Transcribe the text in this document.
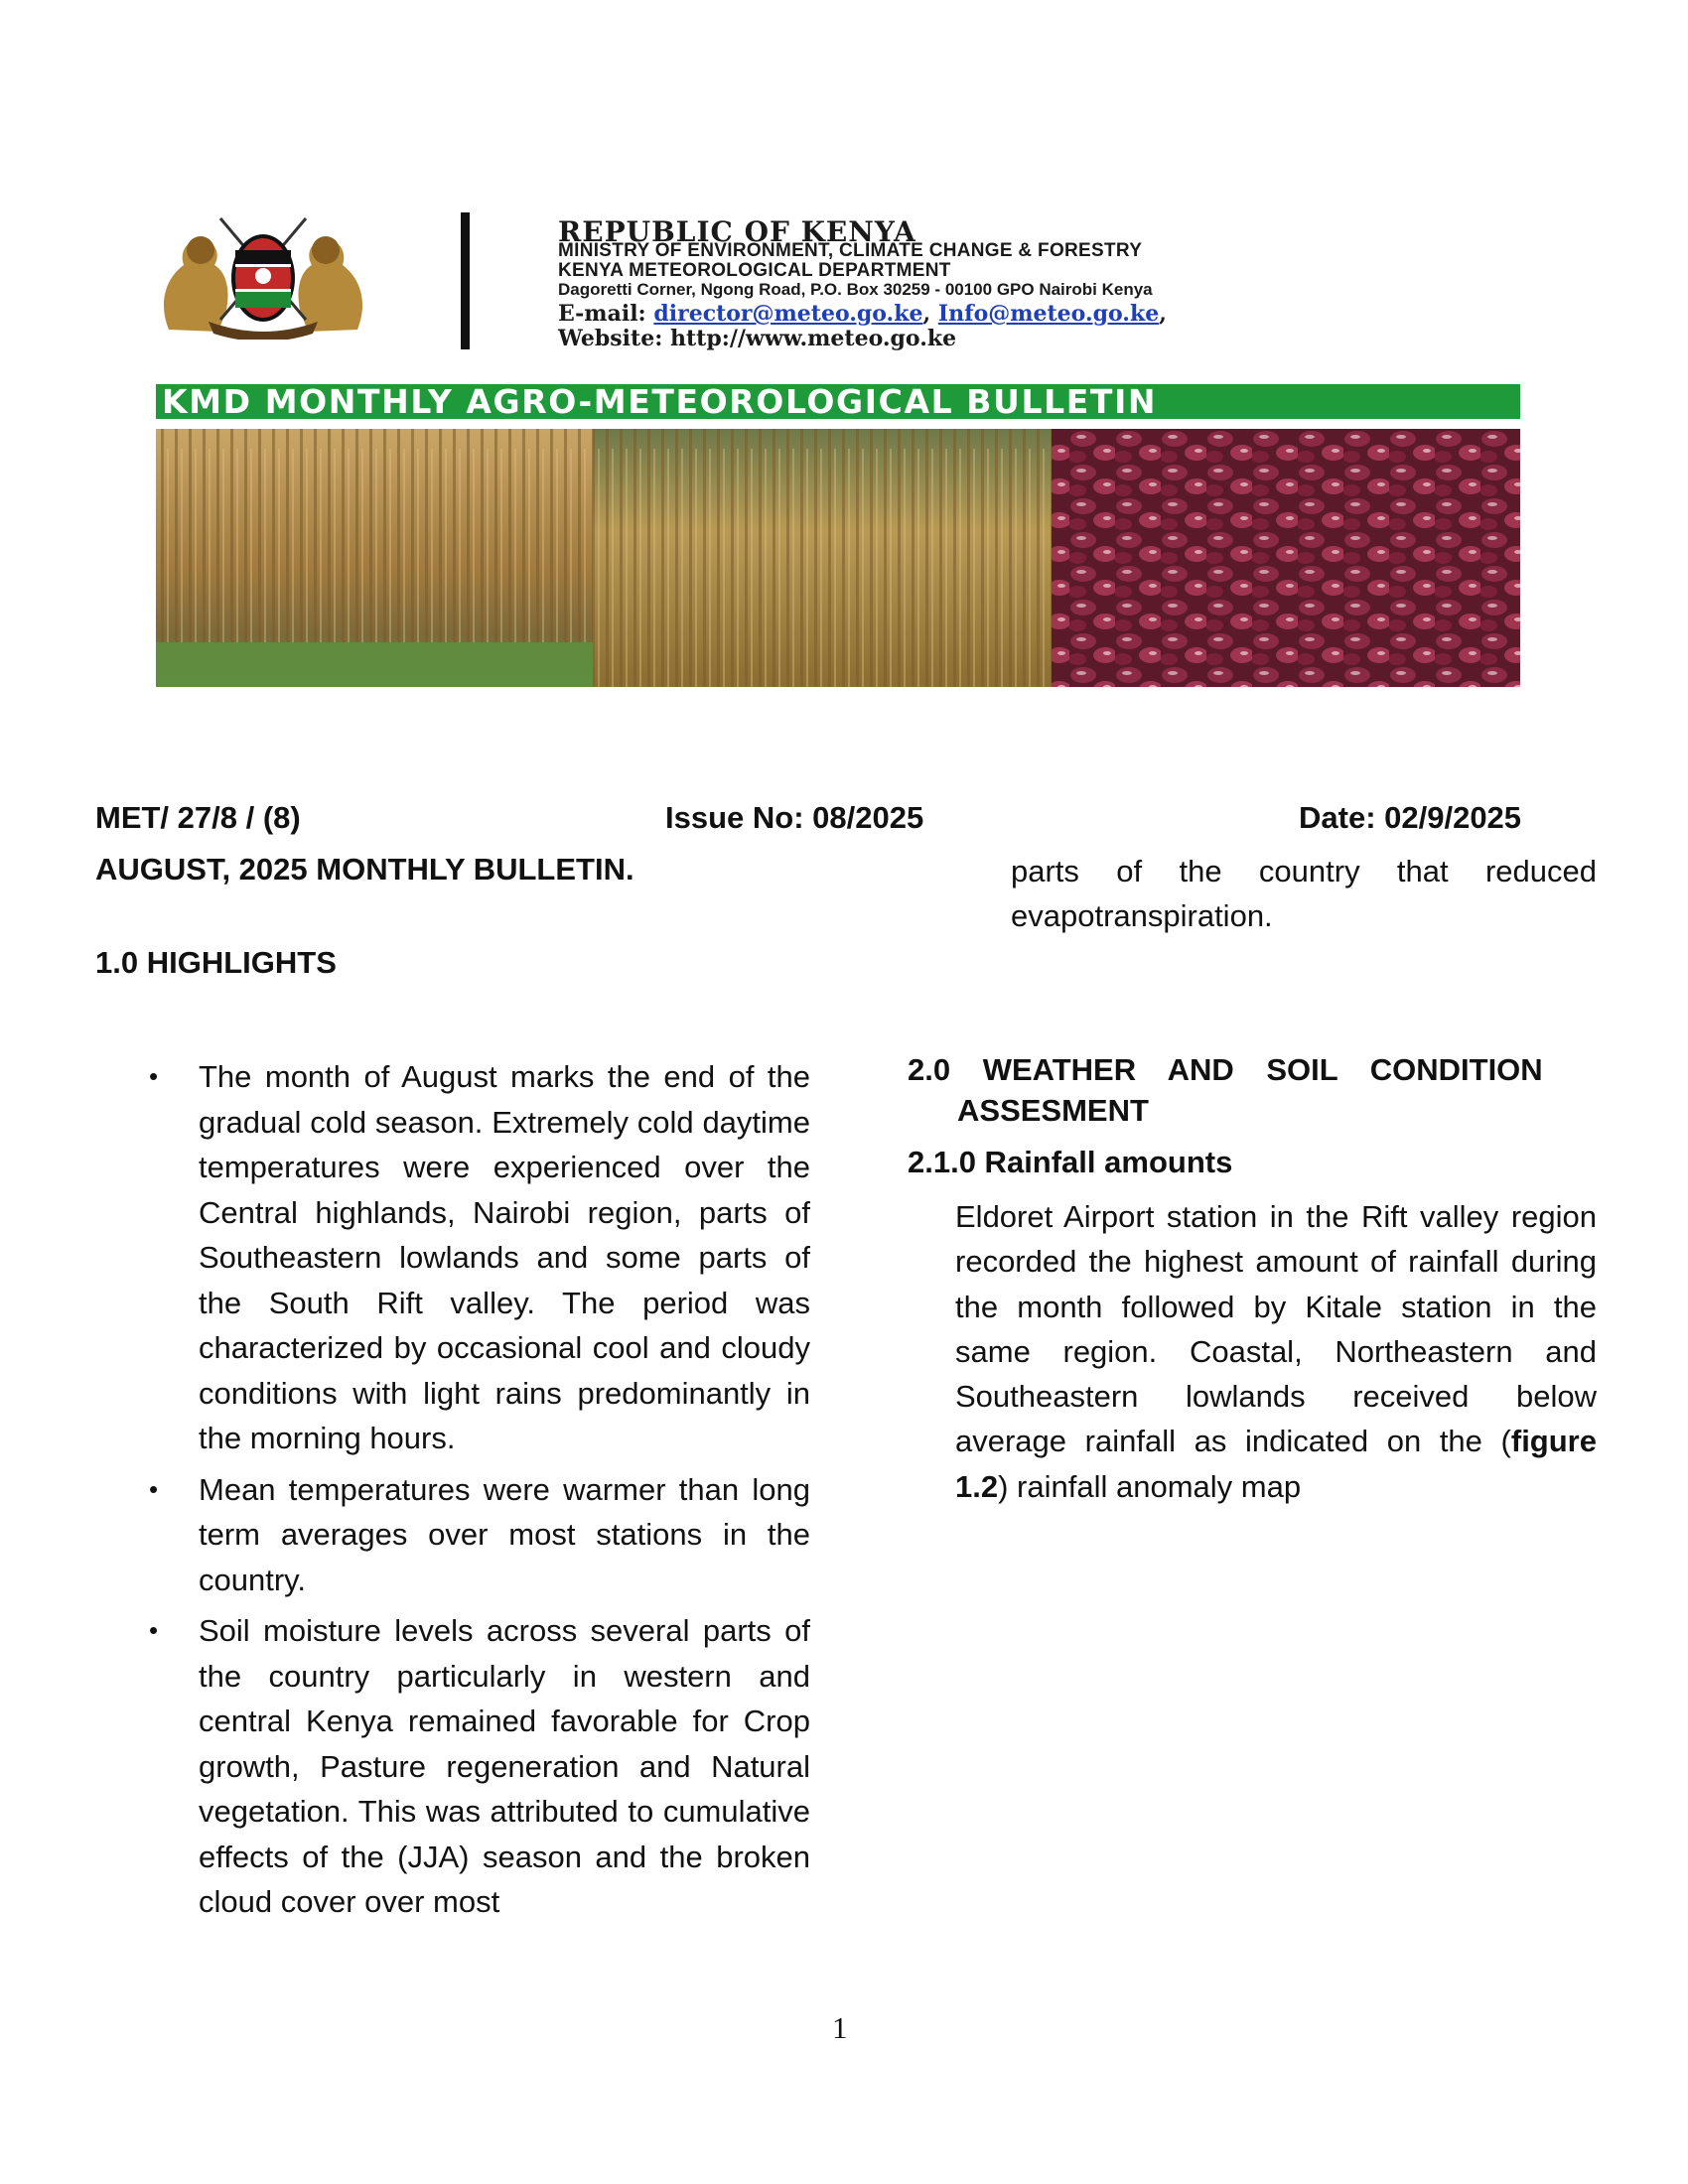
REPUBLIC OF KENYA
MINISTRY OF ENVIRONMENT, CLIMATE CHANGE & FORESTRY
KENYA METEOROLOGICAL DEPARTMENT
Dagoretti Corner, Ngong Road, P.O. Box 30259 - 00100 GPO Nairobi Kenya
E-mail: director@meteo.go.ke, Info@meteo.go.ke,
Website: http://www.meteo.go.ke
KMD MONTHLY AGRO-METEOROLOGICAL BULLETIN
MET/ 27/8 / (8)	Issue No: 08/2025	Date: 02/9/2025
AUGUST, 2025 MONTHLY BULLETIN.
1.0 HIGHLIGHTS
• The month of August marks the end of the gradual cold season. Extremely cold daytime temperatures were experienced over the Central highlands, Nairobi region, parts of Southeastern lowlands and some parts of the South Rift valley. The period was characterized by occasional cool and cloudy conditions with light rains predominantly in the morning hours.
• Mean temperatures were warmer than long term averages over most stations in the country.
• Soil moisture levels across several parts of the country particularly in western and central Kenya remained favorable for Crop growth, Pasture regeneration and Natural vegetation. This was attributed to cumulative effects of the (JJA) season and the broken cloud cover over most
parts of the country that reduced evapotranspiration.
2.0 WEATHER AND SOIL CONDITION
ASSESMENT
2.1.0 Rainfall amounts
Eldoret Airport station in the Rift valley region recorded the highest amount of rainfall during the month followed by Kitale station in the same region. Coastal, Northeastern and Southeastern lowlands received below average rainfall as indicated on the (figure 1.2) rainfall anomaly map
1
